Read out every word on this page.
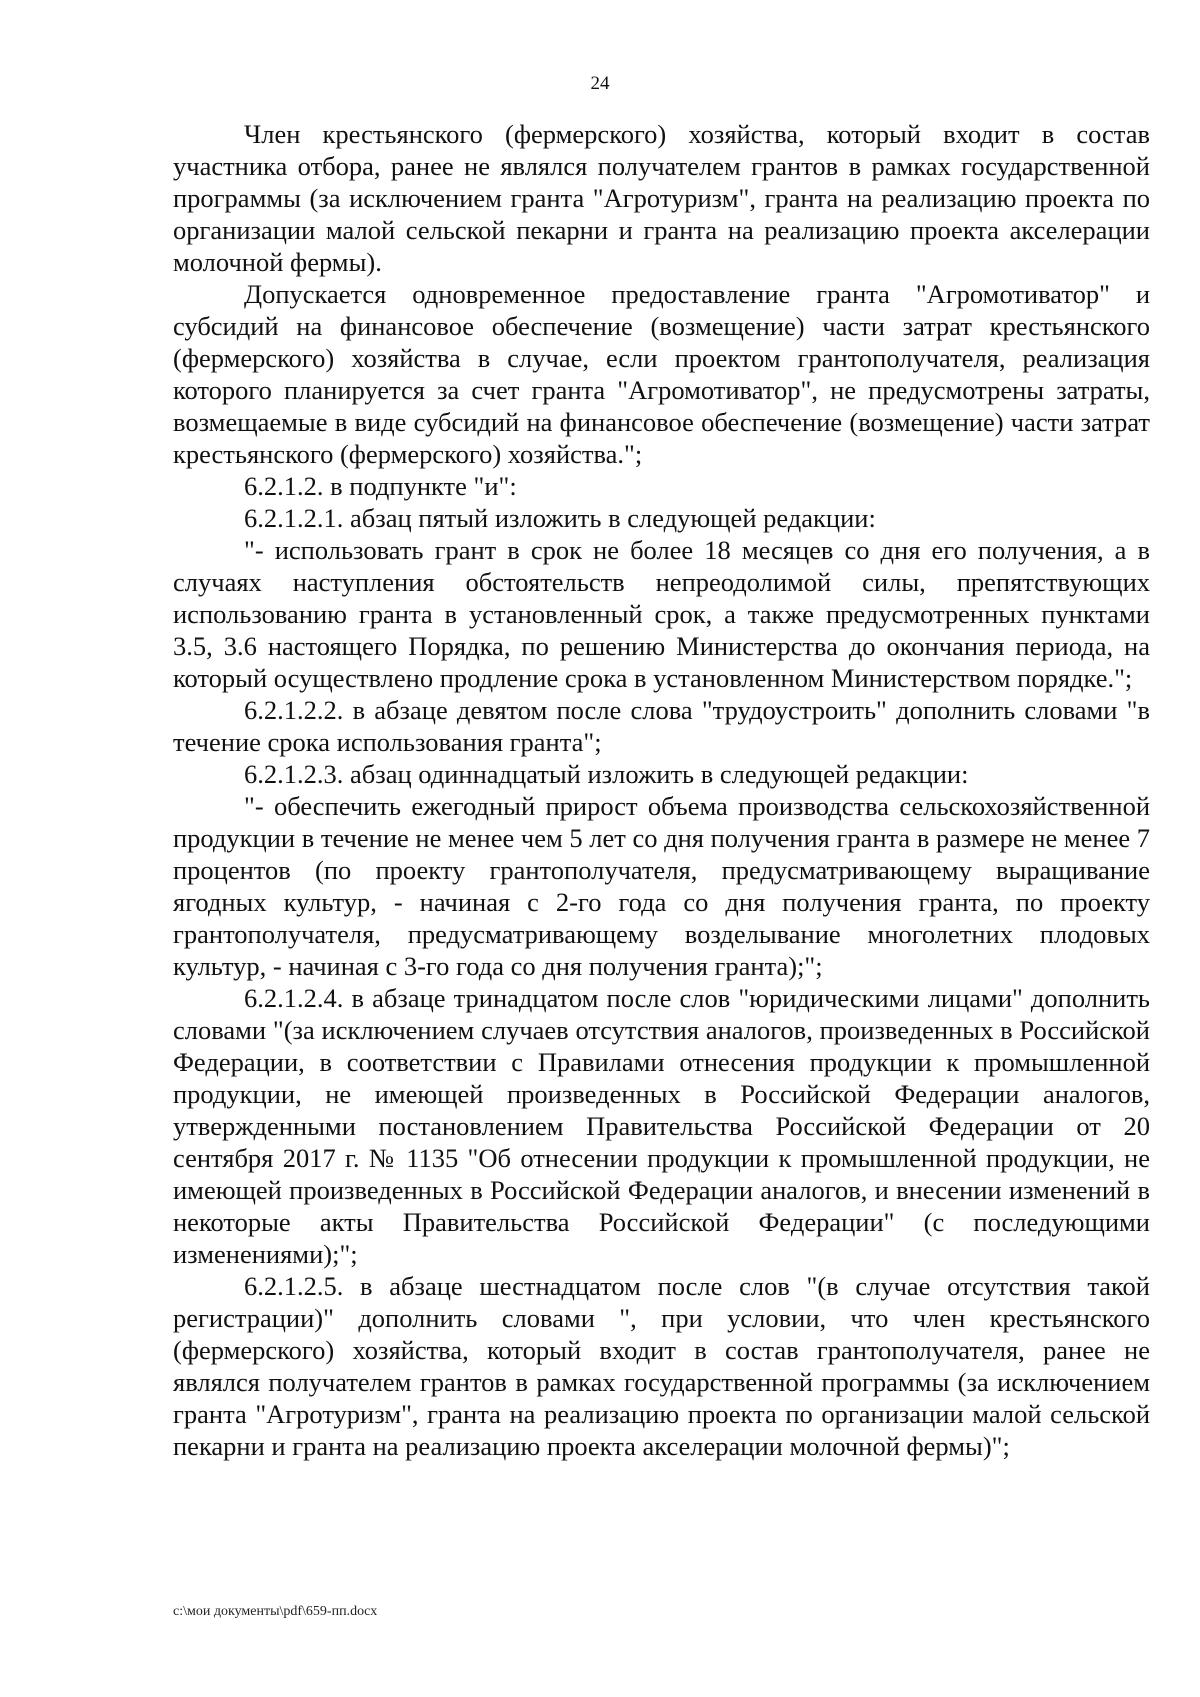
24

Член крестьянского (фермерского) хозяйства, который входит в состав участника отбора, ранее не являлся получателем грантов в рамках государственной программы (за исключением гранта "Агротуризм", гранта на реализацию проекта по организации малой сельской пекарни и гранта на реализацию проекта акселерации молочной фермы).

Допускается одновременное предоставление гранта "Агромотиватор" и субсидий на финансовое обеспечение (возмещение) части затрат крестьянского (фермерского) хозяйства в случае, если проектом грантополучателя, реализация которого планируется за счет гранта "Агромотиватор", не предусмотрены затраты, возмещаемые в виде субсидий на финансовое обеспечение (возмещение) части затрат крестьянского (фермерского) хозяйства.";

6.2.1.2. в подпункте "и":

6.2.1.2.1. абзац пятый изложить в следующей редакции:

"- использовать грант в срок не более 18 месяцев со дня его получения, а в случаях наступления обстоятельств непреодолимой силы, препятствующих использованию гранта в установленный срок, а также предусмотренных пунктами 3.5, 3.6 настоящего Порядка, по решению Министерства до окончания периода, на который осуществлено продление срока в установленном Министерством порядке.";

6.2.1.2.2. в абзаце девятом после слова "трудоустроить" дополнить словами "в течение срока использования гранта";

6.2.1.2.3. абзац одиннадцатый изложить в следующей редакции:

"- обеспечить ежегодный прирост объема производства сельскохозяйственной продукции в течение не менее чем 5 лет со дня получения гранта в размере не менее 7 процентов (по проекту грантополучателя, предусматривающему выращивание ягодных культур, - начиная с 2-го года со дня получения гранта, по проекту грантополучателя, предусматривающему возделывание многолетних плодовых культур, - начиная с 3-го года со дня получения гранта);";

6.2.1.2.4. в абзаце тринадцатом после слов "юридическими лицами" дополнить словами "(за исключением случаев отсутствия аналогов, произведенных в Российской Федерации, в соответствии с Правилами отнесения продукции к промышленной продукции, не имеющей произведенных в Российской Федерации аналогов, утвержденными постановлением Правительства Российской Федерации от 20 сентября 2017 г. № 1135 "Об отнесении продукции к промышленной продукции, не имеющей произведенных в Российской Федерации аналогов, и внесении изменений в некоторые акты Правительства Российской Федерации" (с последующими изменениями);";

6.2.1.2.5. в абзаце шестнадцатом после слов "(в случае отсутствия такой регистрации)" дополнить словами ", при условии, что член крестьянского (фермерского) хозяйства, который входит в состав грантополучателя, ранее не являлся получателем грантов в рамках государственной программы (за исключением гранта "Агротуризм", гранта на реализацию проекта по организации малой сельской пекарни и гранта на реализацию проекта акселерации молочной фермы)";

c:\мои документы\pdf\659-пп.docx
